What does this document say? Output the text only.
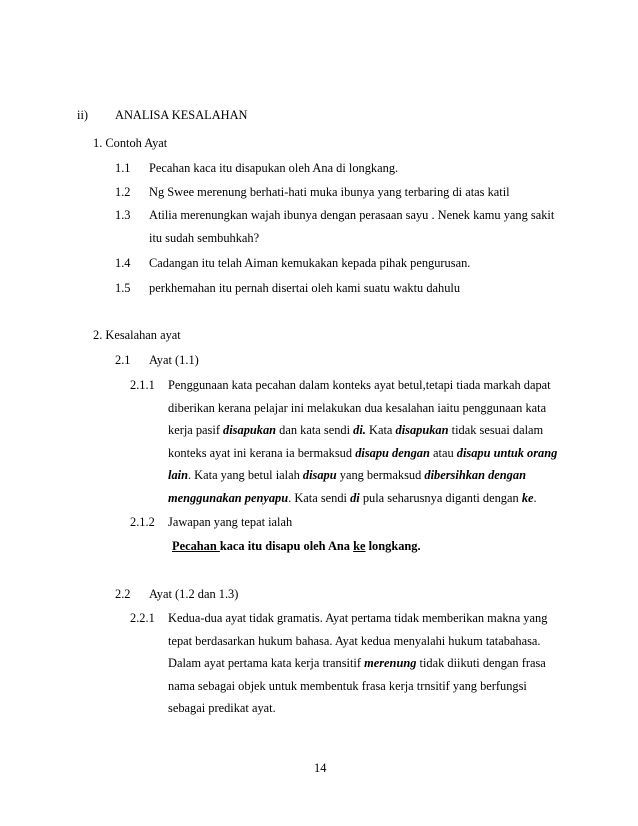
ii) ANALISA KESALAHAN
1. Contoh Ayat
1.1 Pecahan kaca itu disapukan oleh Ana di longkang.
1.2 Ng Swee merenung berhati-hati muka ibunya yang terbaring di atas katil
1.3 Atilia merenungkan wajah ibunya dengan perasaan sayu . Nenek kamu yang sakit
itu sudah sembuhkah?
1.4 Cadangan itu telah Aiman kemukakan kepada pihak pengurusan.
1.5 perkhemahan itu pernah disertai oleh kami suatu waktu dahulu
2. Kesalahan ayat
2.1 Ayat (1.1)
2.1.1 Penggunaan kata pecahan dalam konteks ayat betul,tetapi tiada markah dapat

diberikan kerana pelajar ini melakukan dua kesalahan iaitu penggunaan kata

kerja pasif disapukan dan kata sendi di. Kata disapukan tidak sesuai dalam

konteks ayat ini kerana ia bermaksud disapu dengan atau disapu untuk orang

lain. Kata yang betul ialah disapu yang bermaksud dibersihkan dengan

menggunakan penyapu. Kata sendi di pula seharusnya diganti dengan ke.

2.1.2 Jawapan yang tepat ialah
Pecahan kaca itu disapu oleh Ana ke longkang.
2.2 Ayat (1.2 dan 1.3)
2.2.1 Kedua-dua ayat tidak gramatis. Ayat pertama tidak memberikan makna yang

tepat berdasarkan hukum bahasa. Ayat kedua menyalahi hukum tatabahasa.

Dalam ayat pertama kata kerja transitif merenung tidak diikuti dengan frasa

nama sebagai objek untuk membentuk frasa kerja trnsitif yang berfungsi

sebagai predikat ayat.

14
